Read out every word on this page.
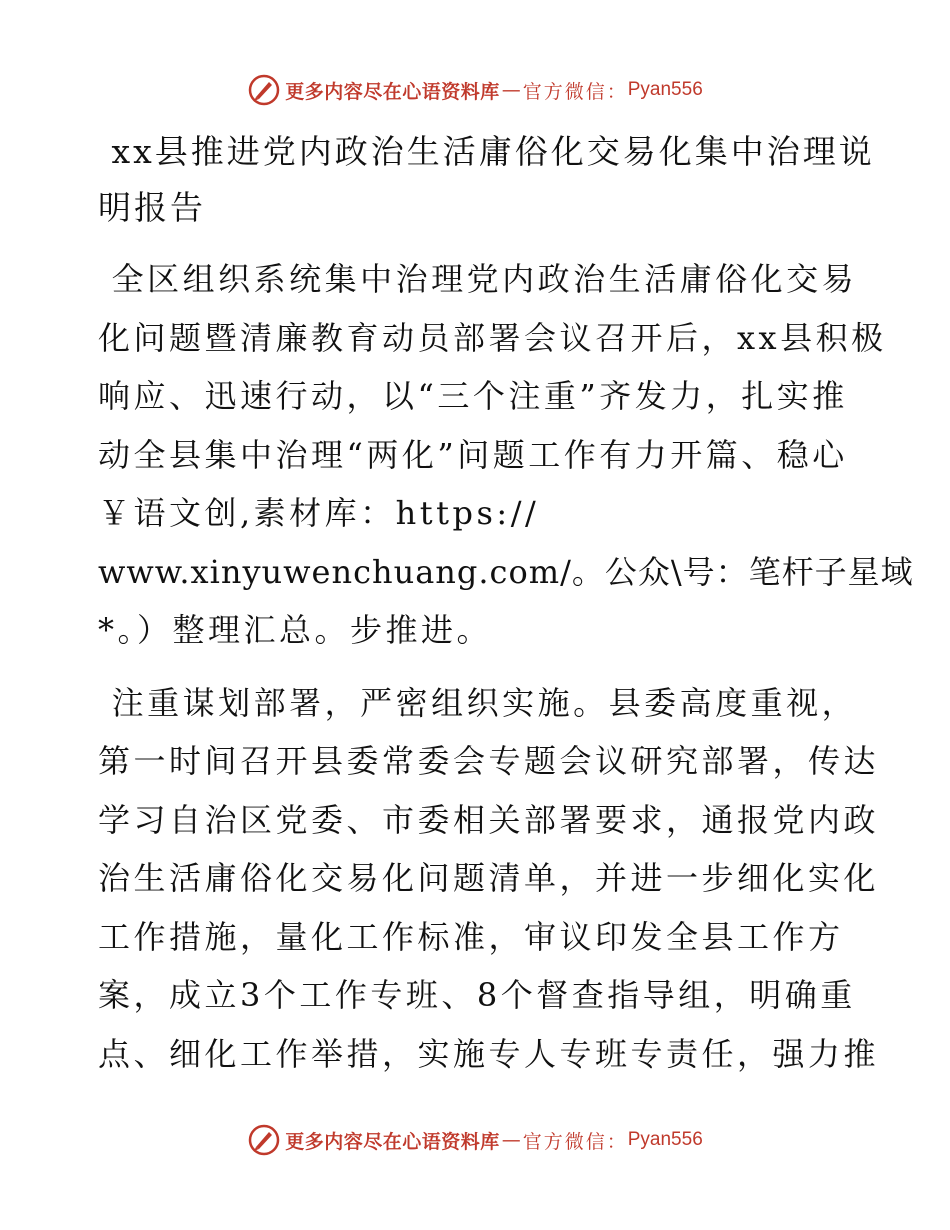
更多内容尽在心语资料库 — 官方微信： Pyan556
xx县推进党内政治生活庸俗化交易化集中治理说
明报告
全区组织系统集中治理党内政治生活庸俗化交易
化问题暨清廉教育动员部署会议召开后，xx县积极
响应、迅速行动，以“三个注重”齐发力，扎实推
动全县集中治理“两化”问题工作有力开篇、稳心
￥语文创,素材库：https://
www.xinyuwenchuang.com/。公众\号：笔杆子星域
*。）整理汇总。步推进。
注重谋划部署，严密组织实施。县委高度重视，
第一时间召开县委常委会专题会议研究部署，传达
学习自治区党委、市委相关部署要求，通报党内政
治生活庸俗化交易化问题清单，并进一步细化实化
工作措施，量化工作标准，审议印发全县工作方
案，成立3个工作专班、8个督查指导组，明确重
点、细化工作举措，实施专人专班专责任，强力推
更多内容尽在心语资料库 — 官方微信： Pyan556
